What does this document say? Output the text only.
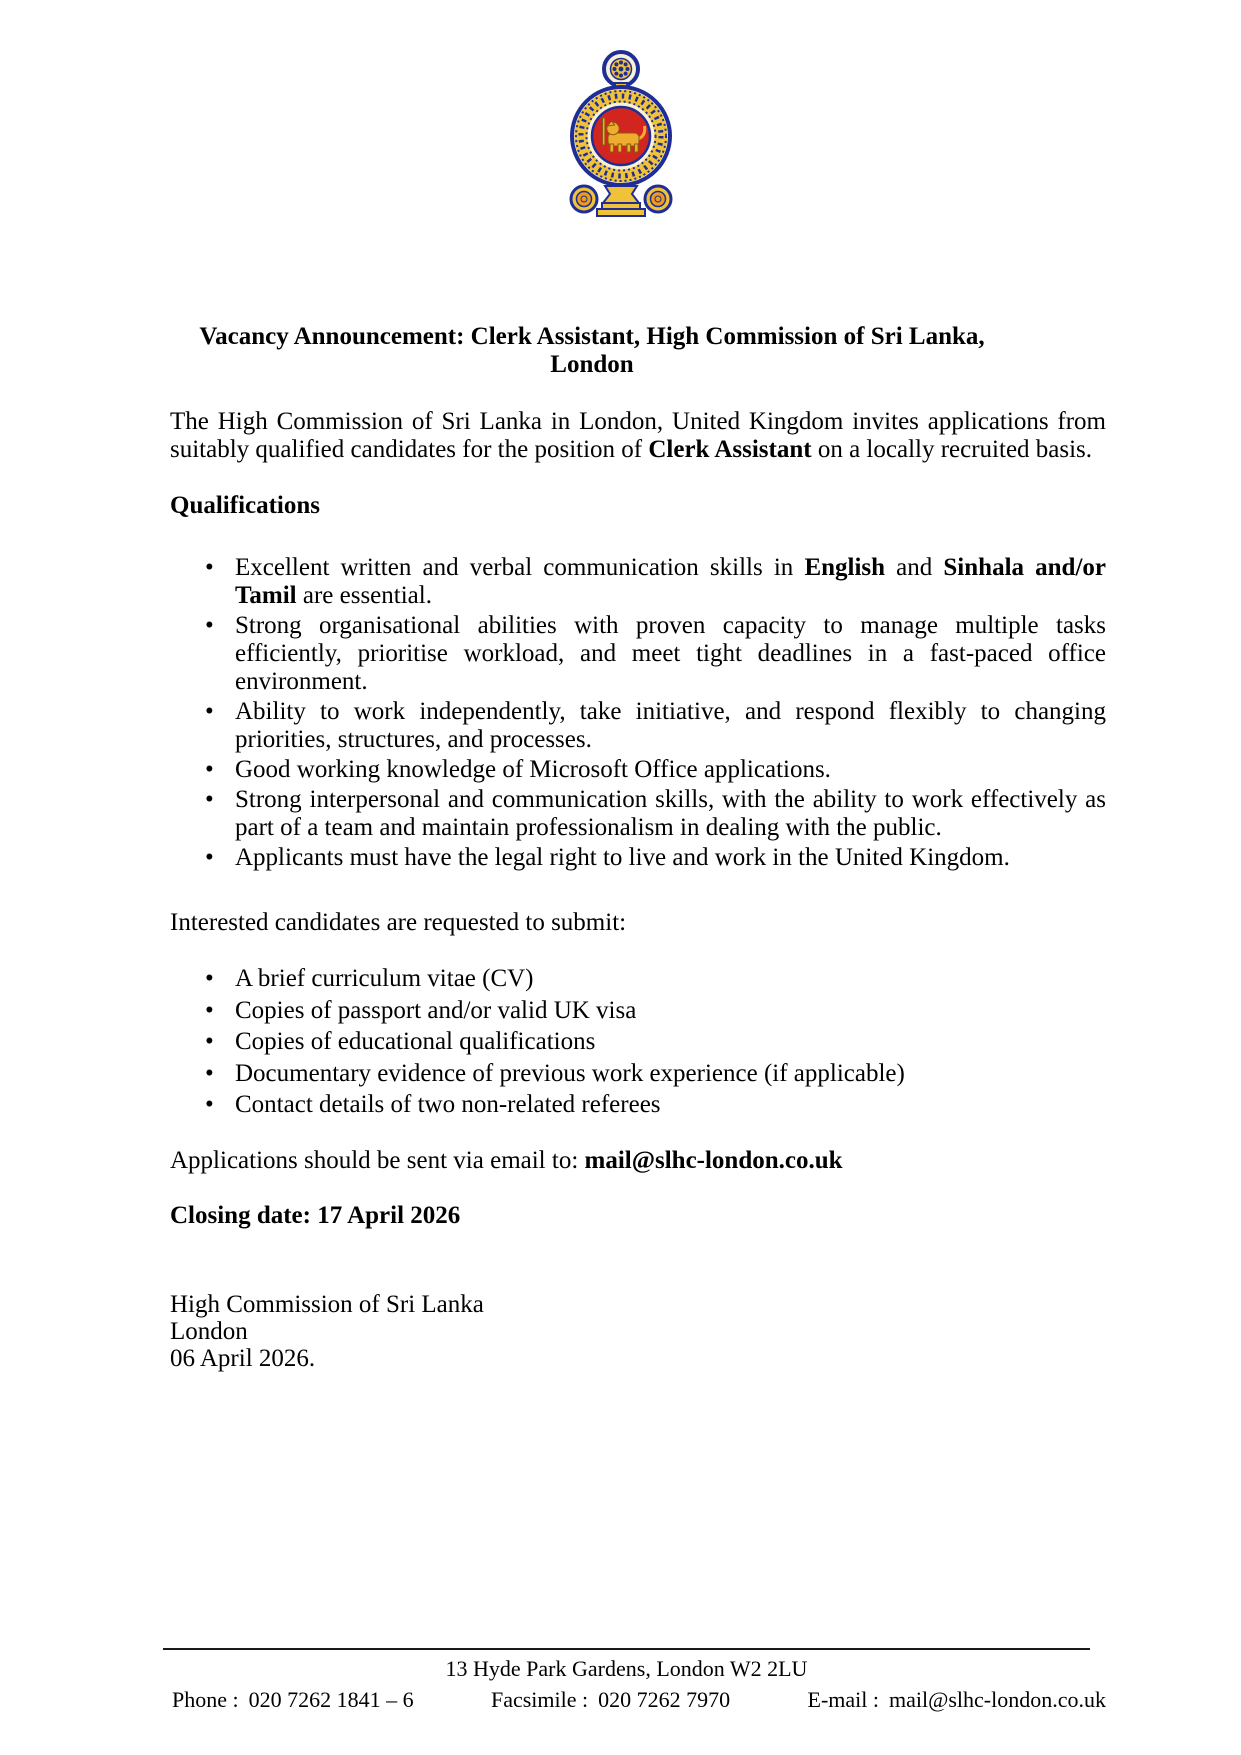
Vacancy Announcement: Clerk Assistant, High Commission of Sri Lanka, London

The High Commission of Sri Lanka in London, United Kingdom invites applications from suitably qualified candidates for the position of Clerk Assistant on a locally recruited basis.

Qualifications
• Excellent written and verbal communication skills in English and Sinhala and/or Tamil are essential.
• Strong organisational abilities with proven capacity to manage multiple tasks efficiently, prioritise workload, and meet tight deadlines in a fast-paced office environment.
• Ability to work independently, take initiative, and respond flexibly to changing priorities, structures, and processes.
• Good working knowledge of Microsoft Office applications.
• Strong interpersonal and communication skills, with the ability to work effectively as part of a team and maintain professionalism in dealing with the public.
• Applicants must have the legal right to live and work in the United Kingdom.

Interested candidates are requested to submit:

• A brief curriculum vitae (CV)
• Copies of passport and/or valid UK visa
• Copies of educational qualifications
• Documentary evidence of previous work experience (if applicable)
• Contact details of two non-related referees

Applications should be sent via email to: mail@slhc-london.co.uk

Closing date: 17 April 2026

High Commission of Sri Lanka

London

06 April 2026.

13 Hyde Park Gardens, London W2 2LU
Phone : 020 7262 1841 – 6	Facsimile : 020 7262 7970	E-mail : mail@slhc-london.co.uk
